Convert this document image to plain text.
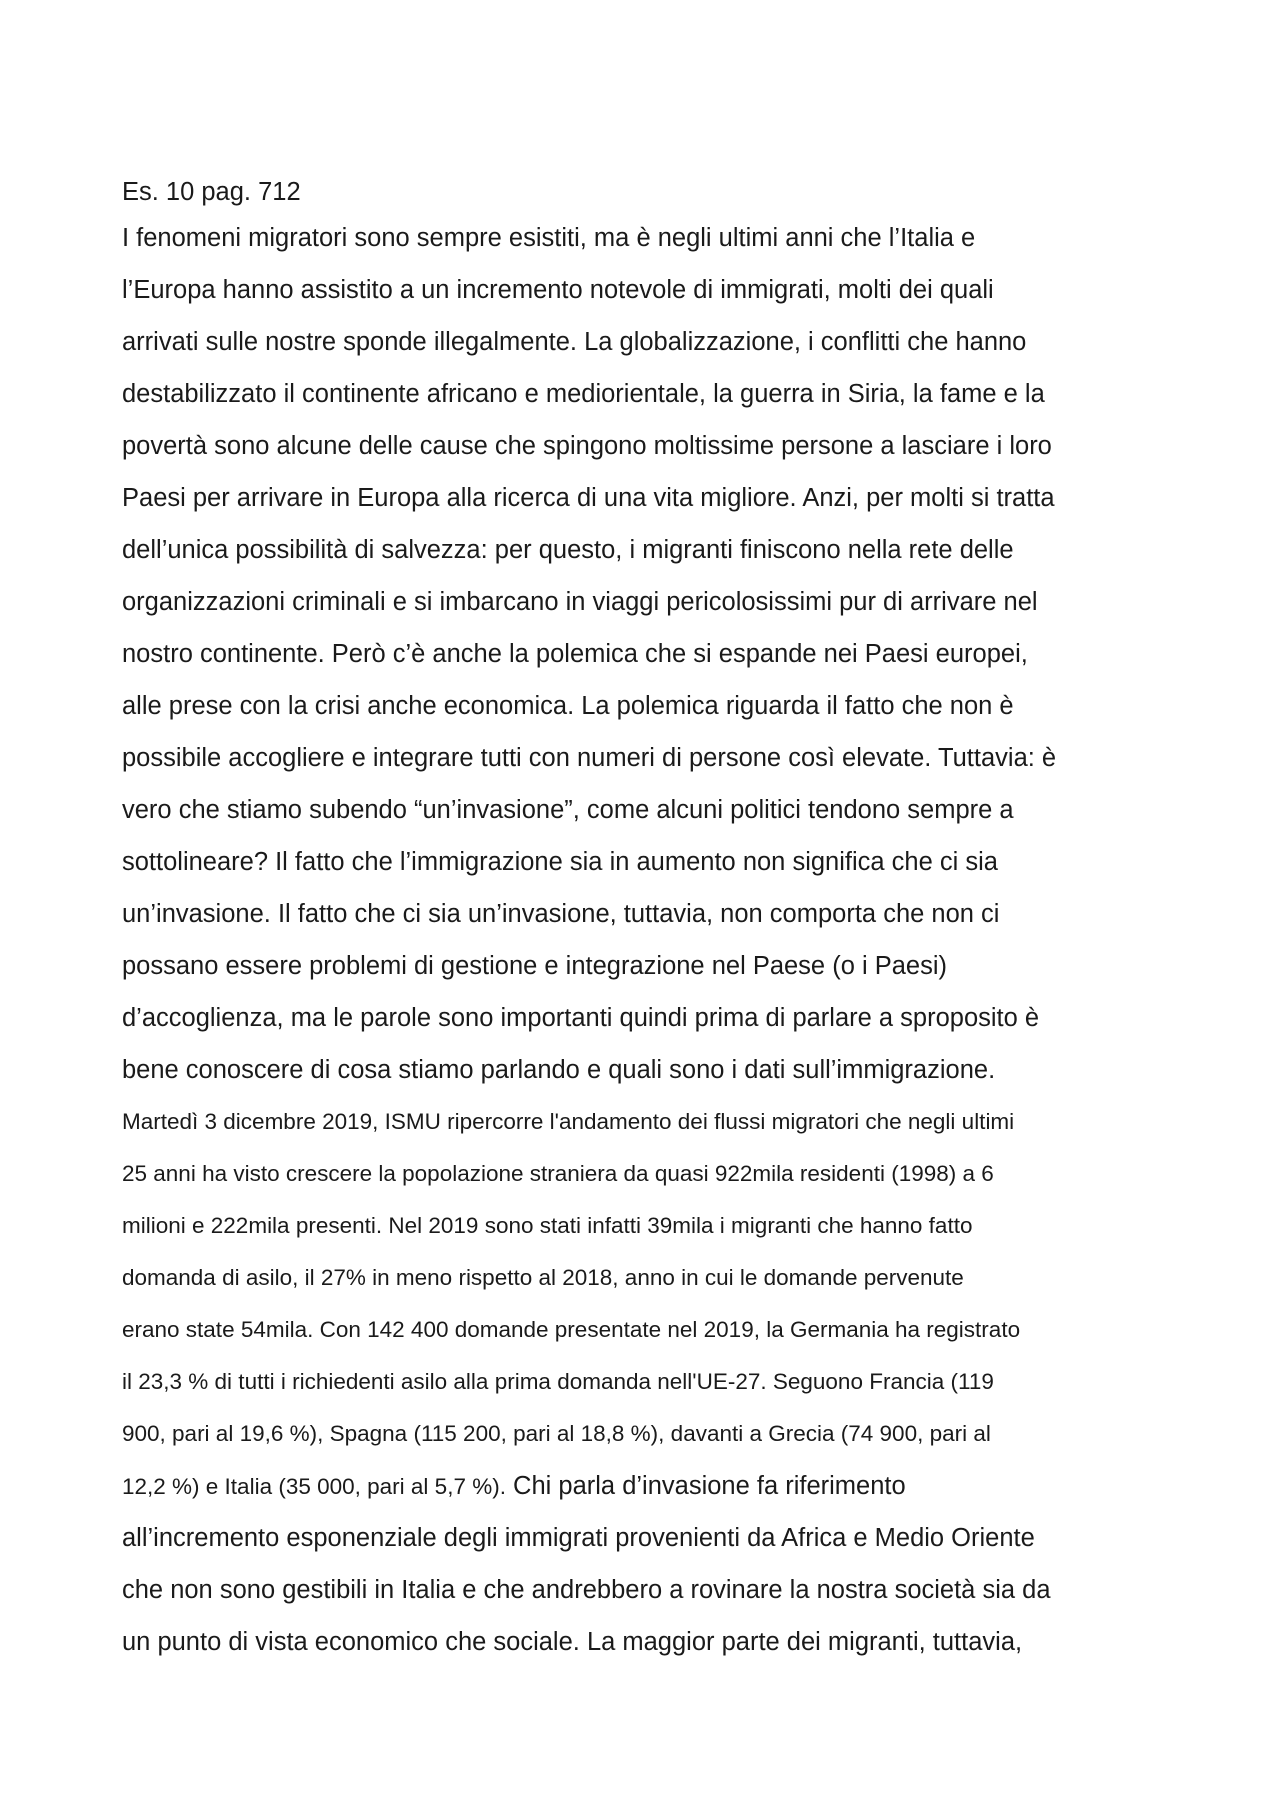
Es. 10 pag. 712
I fenomeni migratori sono sempre esistiti, ma è negli ultimi anni che l’Italia e
l’Europa hanno assistito a un incremento notevole di immigrati, molti dei quali
arrivati sulle nostre sponde illegalmente. La globalizzazione, i conflitti che hanno
destabilizzato il continente africano e mediorientale, la guerra in Siria, la fame e la
povertà sono alcune delle cause che spingono moltissime persone a lasciare i loro
Paesi per arrivare in Europa alla ricerca di una vita migliore. Anzi, per molti si tratta
dell’unica possibilità di salvezza: per questo, i migranti finiscono nella rete delle
organizzazioni criminali e si imbarcano in viaggi pericolosissimi pur di arrivare nel
nostro continente. Però c’è anche la polemica che si espande nei Paesi europei,
alle prese con la crisi anche economica. La polemica riguarda il fatto che non è
possibile accogliere e integrare tutti con numeri di persone così elevate. Tuttavia: è
vero che stiamo subendo “un’invasione”, come alcuni politici tendono sempre a
sottolineare? Il fatto che l’immigrazione sia in aumento non significa che ci sia
un’invasione. Il fatto che ci sia un’invasione, tuttavia, non comporta che non ci
possano essere problemi di gestione e integrazione nel Paese (o i Paesi)
d’accoglienza, ma le parole sono importanti quindi prima di parlare a sproposito è
bene conoscere di cosa stiamo parlando e quali sono i dati sull’immigrazione.
Martedì 3 dicembre 2019, ISMU ripercorre l'andamento dei flussi migratori che negli ultimi
25 anni ha visto crescere la popolazione straniera da quasi 922mila residenti (1998) a 6
milioni e 222mila presenti. Nel 2019 sono stati infatti 39mila i migranti che hanno fatto
domanda di asilo, il 27% in meno rispetto al 2018, anno in cui le domande pervenute
erano state 54mila. Con 142 400 domande presentate nel 2019, la Germania ha registrato
il 23,3 % di tutti i richiedenti asilo alla prima domanda nell'UE-27. Seguono Francia (119
900, pari al 19,6 %), Spagna (115 200, pari al 18,8 %), davanti a Grecia (74 900, pari al
12,2 %) e Italia (35 000, pari al 5,7 %). Chi parla d’invasione fa riferimento
all’incremento esponenziale degli immigrati provenienti da Africa e Medio Oriente
che non sono gestibili in Italia e che andrebbero a rovinare la nostra società sia da
un punto di vista economico che sociale. La maggior parte dei migranti, tuttavia,
